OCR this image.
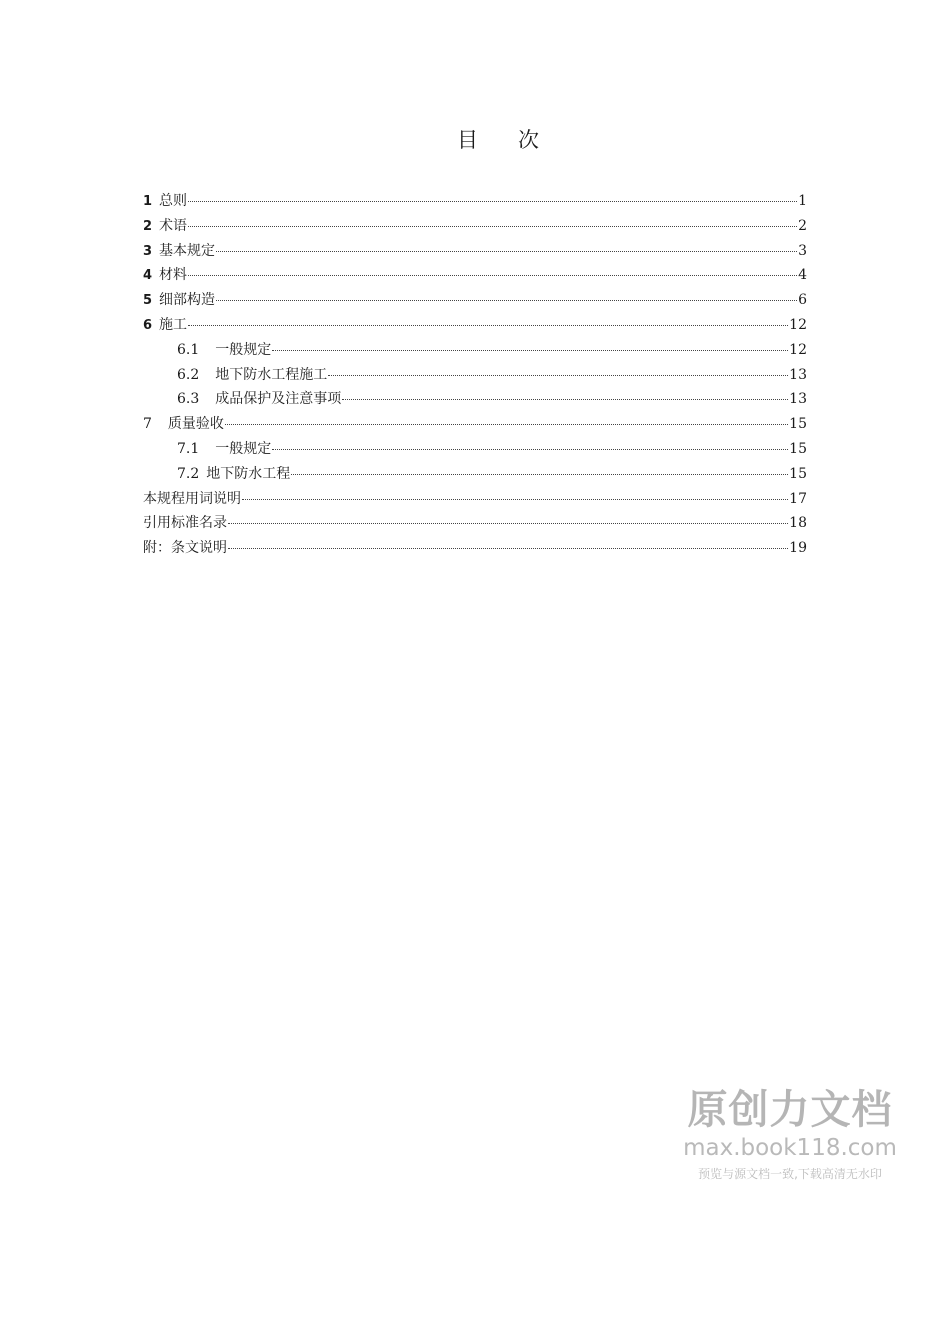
目      次
1 总则	1
2 术语	2
3 基本规定	3
4 材料	4
5 细部构造	6
6 施工	12
6.1 一般规定	12
6.2 地下防水工程施工	13
6.3 成品保护及注意事项	13
7 质量验收	15
7.1 一般规定	15
7.2 地下防水工程	15
本规程用词说明	17
引用标准名录	18
附：条文说明	19
原创力文档
max.book118.com
预览与源文档一致,下载高清无水印
